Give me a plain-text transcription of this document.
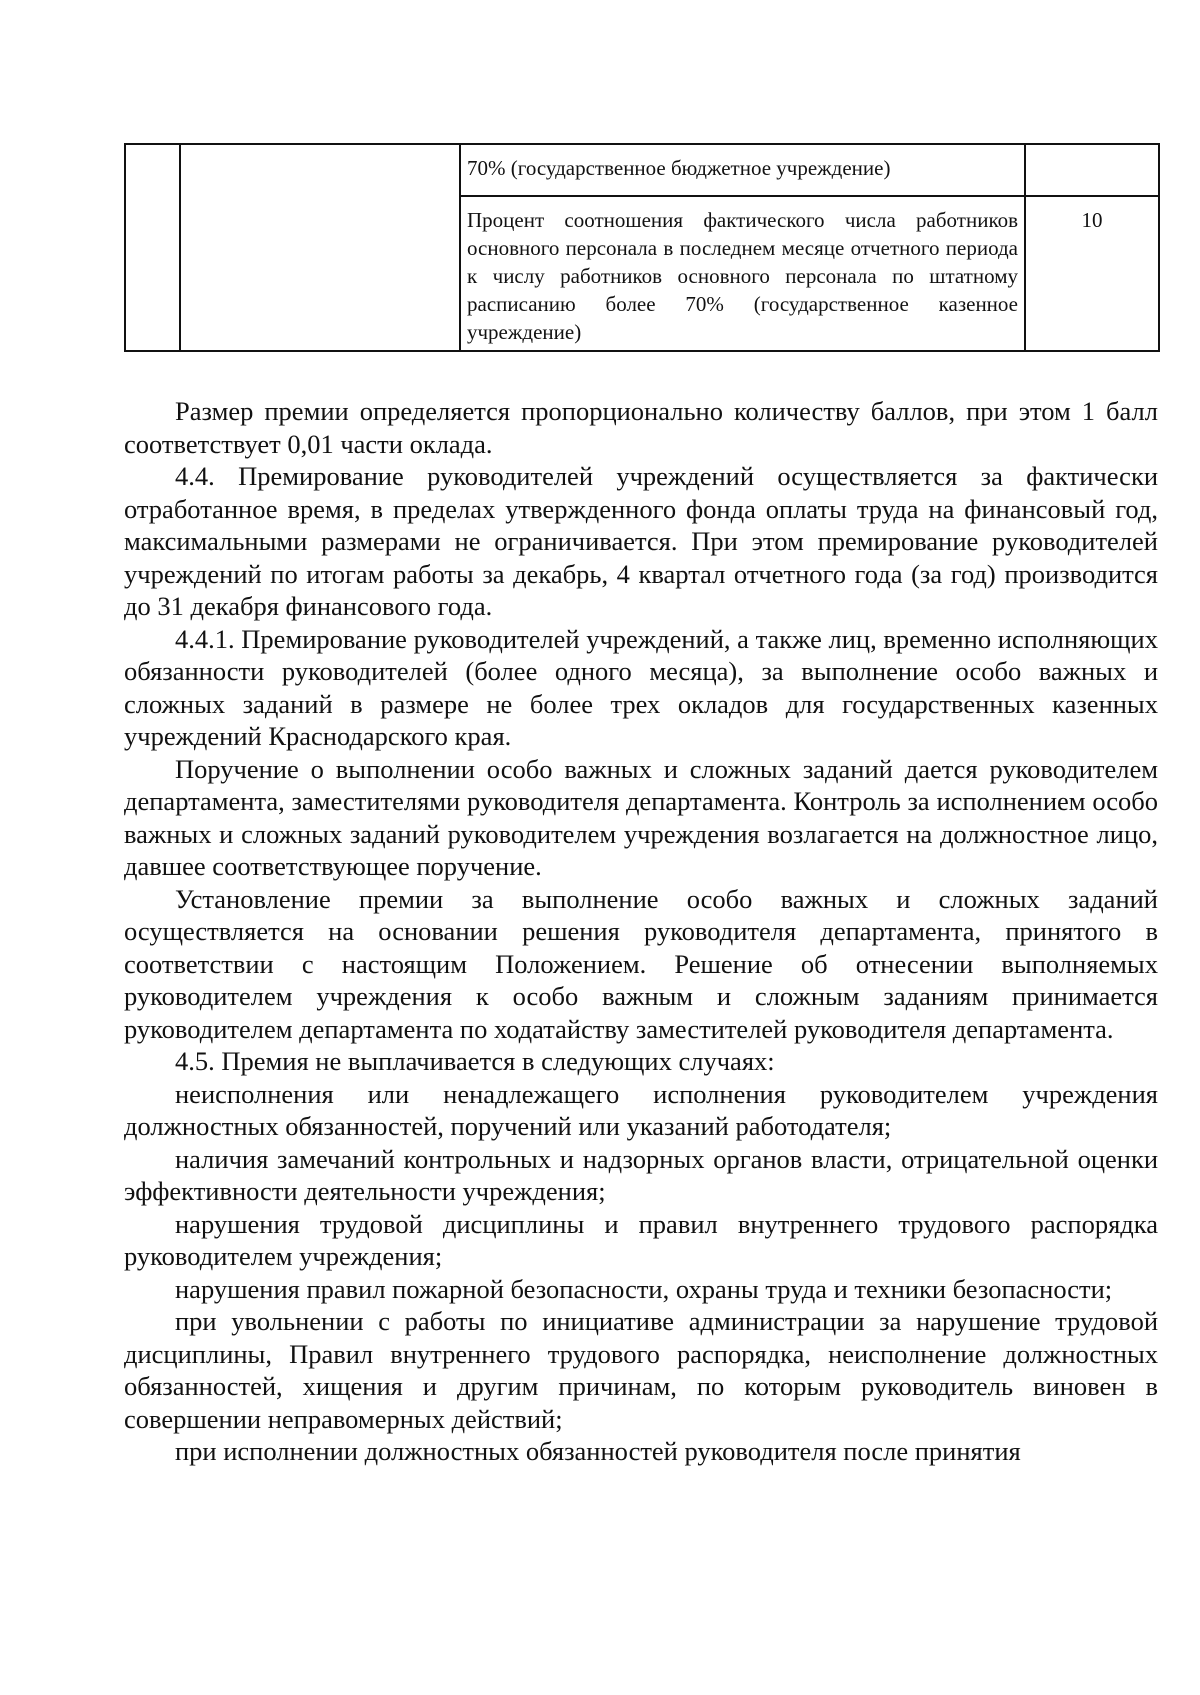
		70% (государственное бюджетное учреждение)	

		Процент соотношения фактического числа работников основного персонала в последнем месяце отчетного периода к числу работников основного персонала по штатному расписанию более 70% (государственное казенное учреждение)	10

Размер премии определяется пропорционально количеству баллов, при этом 1 балл соответствует 0,01 части оклада.

4.4. Премирование руководителей учреждений осуществляется за фактически отработанное время, в пределах утвержденного фонда оплаты труда на финансовый год, максимальными размерами не ограничивается. При этом премирование руководителей учреждений по итогам работы за декабрь, 4 квартал отчетного года (за год) производится до 31 декабря финансового года.

4.4.1. Премирование руководителей учреждений, а также лиц, временно исполняющих обязанности руководителей (более одного месяца), за выполнение особо важных и сложных заданий в размере не более трех окладов для государственных казенных учреждений Краснодарского края.

Поручение о выполнении особо важных и сложных заданий дается руководителем департамента, заместителями руководителя департамента. Контроль за исполнением особо важных и сложных заданий руководителем учреждения возлагается на должностное лицо, давшее соответствующее поручение.

Установление премии за выполнение особо важных и сложных заданий осуществляется на основании решения руководителя департамента, принятого в соответствии с настоящим Положением. Решение об отнесении выполняемых руководителем учреждения к особо важным и сложным заданиям принимается руководителем департамента по ходатайству заместителей руководителя департамента.

4.5. Премия не выплачивается в следующих случаях:

неисполнения или ненадлежащего исполнения руководителем учреждения должностных обязанностей, поручений или указаний работодателя;

наличия замечаний контрольных и надзорных органов власти, отрицательной оценки эффективности деятельности учреждения;

нарушения трудовой дисциплины и правил внутреннего трудового распорядка руководителем учреждения;

нарушения правил пожарной безопасности, охраны труда и техники безопасности;

при увольнении с работы по инициативе администрации за нарушение трудовой дисциплины, Правил внутреннего трудового распорядка, неисполнение должностных обязанностей, хищения и другим причинам, по которым руководитель виновен в совершении неправомерных действий;

при исполнении должностных обязанностей руководителя после принятия
